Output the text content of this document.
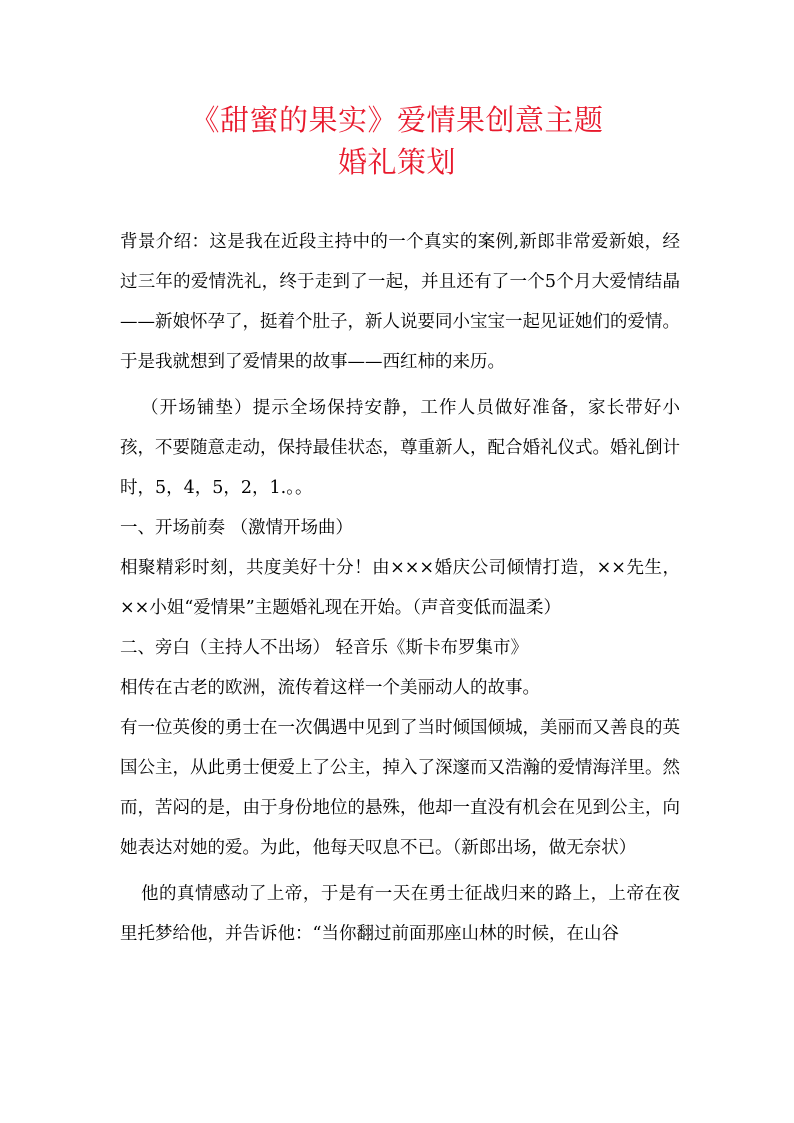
《甜蜜的果实》爱情果创意主题
婚礼策划

背景介绍：这是我在近段主持中的一个真实的案例,新郎非常爱新娘，经过三年的爱情洗礼，终于走到了一起，并且还有了一个5个月大爱情结晶——新娘怀孕了，挺着个肚子，新人说要同小宝宝一起见证她们的爱情。于是我就想到了爱情果的故事——西红柿的来历。

（开场铺垫）提示全场保持安静，工作人员做好准备，家长带好小孩，不要随意走动，保持最佳状态，尊重新人，配合婚礼仪式。婚礼倒计时，5，4，5，2，1.。。

一、开场前奏 （激情开场曲）

相聚精彩时刻，共度美好十分！由×××婚庆公司倾情打造，××先生，××小姐“爱情果”主题婚礼现在开始。（声音变低而温柔）

二、旁白（主持人不出场） 轻音乐《斯卡布罗集市》

相传在古老的欧洲，流传着这样一个美丽动人的故事。

有一位英俊的勇士在一次偶遇中见到了当时倾国倾城，美丽而又善良的英国公主，从此勇士便爱上了公主，掉入了深邃而又浩瀚的爱情海洋里。然而，苦闷的是，由于身份地位的悬殊，他却一直没有机会在见到公主，向她表达对她的爱。为此，他每天叹息不已。（新郎出场，做无奈状）

他的真情感动了上帝，于是有一天在勇士征战归来的路上，上帝在夜里托梦给他，并告诉他：“当你翻过前面那座山林的时候，在山谷
